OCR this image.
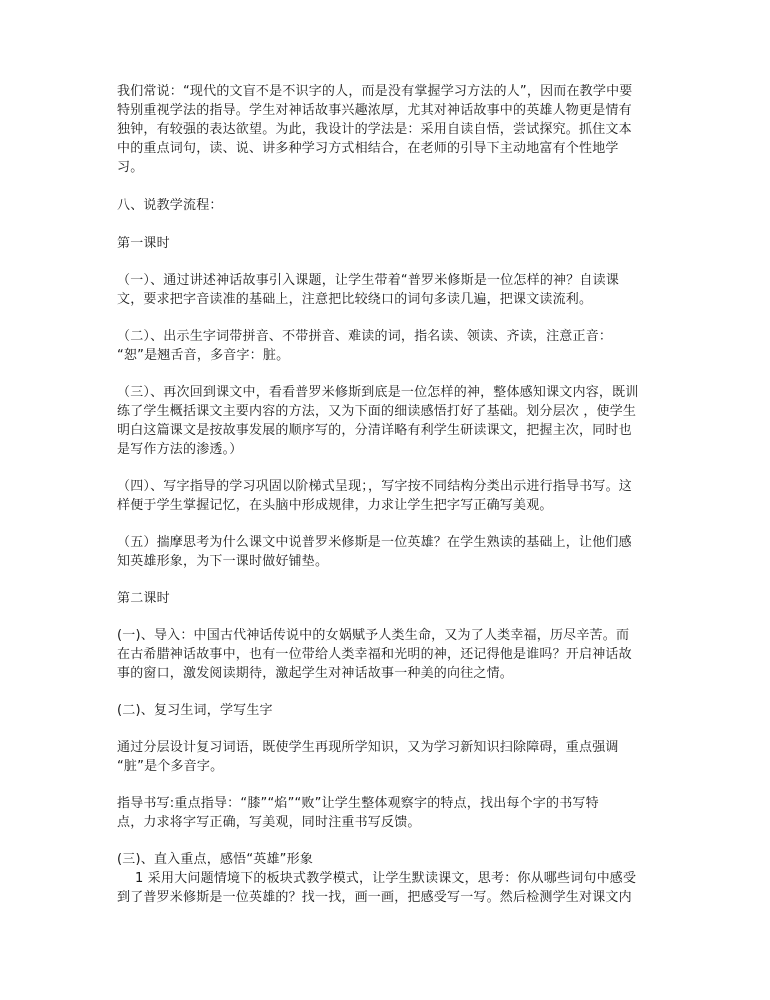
我们常说：“现代的文盲不是不识字的人，而是没有掌握学习方法的人”，因而在教学中要
特别重视学法的指导。学生对神话故事兴趣浓厚，尤其对神话故事中的英雄人物更是情有
独钟，有较强的表达欲望。为此，我设计的学法是：采用自读自悟，尝试探究。抓住文本
中的重点词句，读、说、讲多种学习方式相结合，在老师的引导下主动地富有个性地学
习。
八、说教学流程：
第一课时
（一）、通过讲述神话故事引入课题，让学生带着“普罗米修斯是一位怎样的神？自读课
文，要求把字音读准的基础上，注意把比较绕口的词句多读几遍，把课文读流利。
（二）、出示生字词带拼音、不带拼音、难读的词，指名读、领读、齐读，注意正音：
“恕”是翘舌音，多音字：脏。
（三）、再次回到课文中，看看普罗米修斯到底是一位怎样的神，整体感知课文内容，既训
练了学生概括课文主要内容的方法，又为下面的细读感悟打好了基础。划分层次 ，使学生
明白这篇课文是按故事发展的顺序写的，分清详略有利学生研读课文，把握主次，同时也
是写作方法的渗透。）
（四）、写字指导的学习巩固以阶梯式呈现；，写字按不同结构分类出示进行指导书写。这
样便于学生掌握记忆，在头脑中形成规律，力求让学生把字写正确写美观。
（五）揣摩思考为什么课文中说普罗米修斯是一位英雄？在学生熟读的基础上，让他们感
知英雄形象，为下一课时做好铺垫。
第二课时
(一)、导入：中国古代神话传说中的女娲赋予人类生命，又为了人类幸福，历尽辛苦。而
在古希腊神话故事中，也有一位带给人类幸福和光明的神，还记得他是谁吗？开启神话故
事的窗口，激发阅读期待，激起学生对神话故事一种美的向往之情。
(二)、复习生词，学写生字
通过分层设计复习词语，既使学生再现所学知识，又为学习新知识扫除障碍，重点强调
“脏”是个多音字。
指导书写:重点指导：“膝”“焰”“败”让学生整体观察字的特点，找出每个字的书写特
点，力求将字写正确，写美观，同时注重书写反馈。
(三)、直入重点，感悟“英雄”形象
1 采用大问题情境下的板块式教学模式，让学生默读课文，思考：你从哪些词句中感受
到了普罗米修斯是一位英雄的？找一找，画一画，把感受写一写。然后检测学生对课文内
